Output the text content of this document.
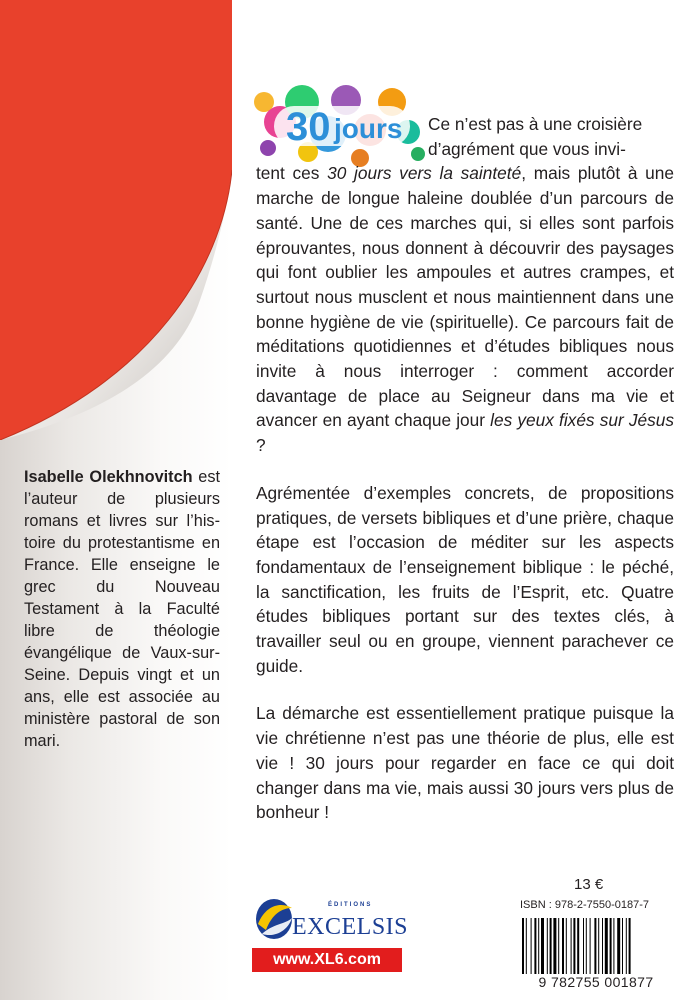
Isabelle Olekhnovitch est l’auteur de plusieurs romans et livres sur l’histoire du protestantisme en France. Elle enseigne le grec du Nouveau Testament à la Faculté libre de théologie évangélique de Vaux-sur-Seine. Depuis vingt et un ans, elle est associée au ministère pastoral de son mari.
30 jours	Ce n’est pas à une croisière
d’agrément que vous invi-
tent ces 30 jours vers la sainteté, mais plutôt à une marche de longue haleine doublée d’un parcours de santé. Une de ces marches qui, si elles sont parfois éprouvantes, nous donnent à découvrir des paysages qui font oublier les ampoules et autres crampes, et surtout nous musclent et nous maintiennent dans une bonne hygiène de vie (spirituelle). Ce parcours fait de méditations quotidiennes et d’études bibliques nous invite à nous interroger : comment accorder davantage de place au Seigneur dans ma vie et avancer en ayant chaque jour les yeux fixés sur Jésus ?

Agrémentée d’exemples concrets, de propositions pratiques, de versets bibliques et d’une prière, chaque étape est l’occasion de méditer sur les aspects fondamentaux de l’enseignement biblique : le péché, la sanctification, les fruits de l’Esprit, etc. Quatre études bibliques portant sur des textes clés, à travailler seul ou en groupe, viennent parachever ce guide.

La démarche est essentiellement pratique puisque la vie chrétienne n’est pas une théorie de plus, elle est vie ! 30 jours pour regarder en face ce qui doit changer dans ma vie, mais aussi 30 jours vers plus de bonheur !

ÉDITIONS
EXCELSIS
www.XL6.com
13 €
ISBN : 978-2-7550-0187-7
9 782755 001877
